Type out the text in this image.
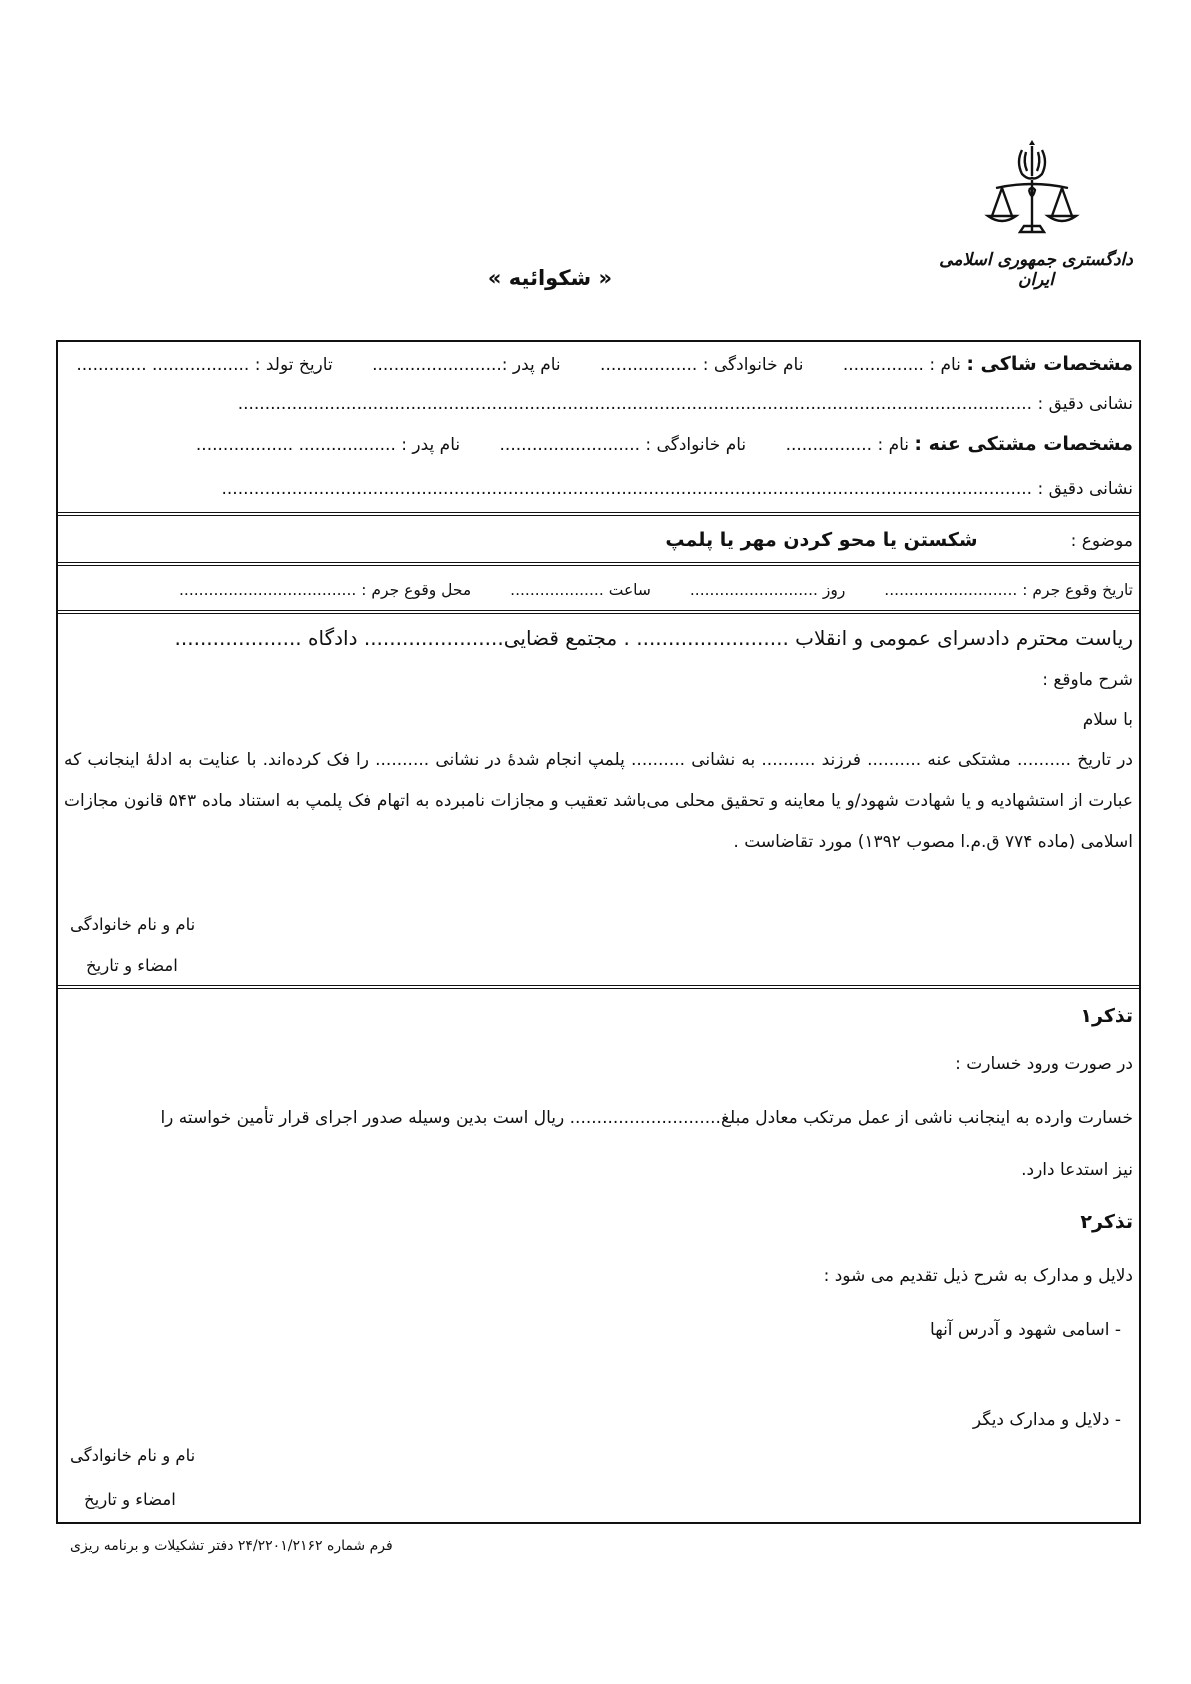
دادگستری جمهوری اسلامی ایران
« شکوائیه »
مشخصات شاکی : نام : ............... نام خانوادگی : .................. نام پدر :........................ تاریخ تولد : .................. .............
نشانی دقیق : ...................................................................................................................................................
مشخصات مشتکی عنه : نام : ................ نام خانوادگی : .......................... نام پدر : .................. ..................
نشانی دقیق : ......................................................................................................................................................
موضوع : شکستن یا محو کردن مهر یا پلمپ
تاریخ وقوع جرم : ........................... روز .......................... ساعت ................... محل وقوع جرم : ....................................
ریاست محترم دادسرای عمومی و انقلاب ........................ . مجتمع قضایی...................... دادگاه ....................
شرح ماوقع :
با سلام
در تاریخ .......... مشتکی عنه .......... فرزند .......... به نشانی .......... پلمپ انجام شدهٔ در نشانی .......... را فک کرده‌اند. با عنایت به ادلهٔ اینجانب که عبارت از استشهادیه و یا شهادت شهود/و یا معاینه و تحقیق محلی می‌باشد تعقیب و مجازات نامبرده به اتهام فک پلمپ به استناد ماده ۵۴۳ قانون مجازات اسلامی (ماده ۷۷۴ ق.م.ا مصوب ۱۳۹۲) مورد تقاضاست .
نام و نام خانوادگی
امضاء و تاریخ
تذکر۱
در صورت ورود خسارت :
خسارت وارده به اینجانب ناشی از عمل مرتکب معادل مبلغ............................ ریال است بدین وسیله صدور اجرای قرار تأمین خواسته را
نیز استدعا دارد.
تذکر۲
دلایل و مدارک به شرح ذیل تقدیم می شود :
- اسامی شهود و آدرس آنها
- دلایل و مدارک دیگر
نام و نام خانوادگی
امضاء و تاریخ
فرم شماره ۲۴/۲۲۰۱/۲۱۶۲ دفتر تشکیلات و برنامه ریزی
